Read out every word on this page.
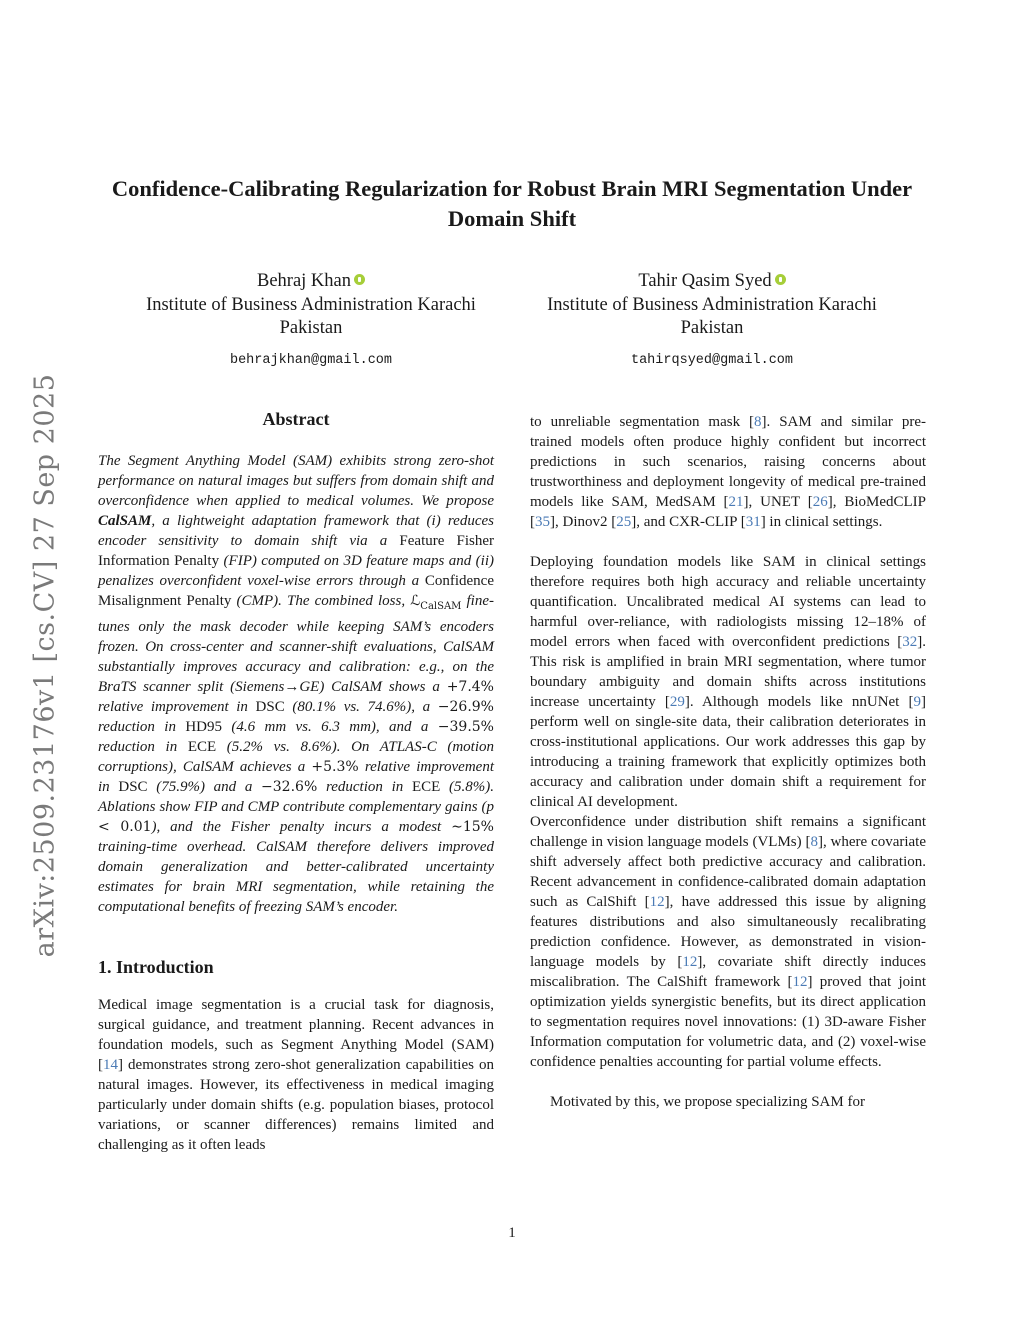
arXiv:2509.23176v1 [cs.CV] 27 Sep 2025
Confidence-Calibrating Regularization for Robust Brain MRI Segmentation Under Domain Shift
Behraj Khan
Institute of Business Administration Karachi
Pakistan
behrajkhan@gmail.com
Tahir Qasim Syed
Institute of Business Administration Karachi
Pakistan
tahirqsyed@gmail.com
Abstract

The Segment Anything Model (SAM) exhibits strong zero-shot performance on natural images but suffers from domain shift and overconfidence when applied to medical volumes. We propose CalSAM, a lightweight adaptation framework that (i) reduces encoder sensitivity to domain shift via a Feature Fisher Information Penalty (FIP) computed on 3D feature maps and (ii) penalizes overconfident voxel-wise errors through a Confidence Misalignment Penalty (CMP). The combined loss, ℒ$_{CalSAM}$ fine-tunes only the mask decoder while keeping SAM’s encoders frozen. On cross-center and scanner-shift evaluations, CalSAM substantially improves accuracy and calibration: e.g., on the BraTS scanner split (Siemens→GE) CalSAM shows a +7.4% relative improvement in DSC (80.1% vs. 74.6%), a −26.9% reduction in HD95 (4.6 mm vs. 6.3 mm), and a −39.5% reduction in ECE (5.2% vs. 8.6%). On ATLAS-C (motion corruptions), CalSAM achieves a +5.3% relative improvement in DSC (75.9%) and a −32.6% reduction in ECE (5.8%). Ablations show FIP and CMP contribute complementary gains (p < 0.01), and the Fisher penalty incurs a modest ∼15% training-time overhead. CalSAM therefore delivers improved domain generalization and better-calibrated uncertainty estimates for brain MRI segmentation, while retaining the computational benefits of freezing SAM’s encoder.

1. Introduction

Medical image segmentation is a crucial task for diagnosis, surgical guidance, and treatment planning. Recent advances in foundation models, such as Segment Anything Model (SAM) [14] demonstrates strong zero-shot generalization capabilities on natural images. However, its effectiveness in medical imaging particularly under domain shifts (e.g. population biases, protocol variations, or scanner differences) remains limited and challenging as it often leads

to unreliable segmentation mask [8]. SAM and similar pre-trained models often produce highly confident but incorrect predictions in such scenarios, raising concerns about trustworthiness and deployment longevity of medical pre-trained models like SAM, MedSAM [21], UNET [26], BioMedCLIP [35], Dinov2 [25], and CXR-CLIP [31] in clinical settings.

Deploying foundation models like SAM in clinical settings therefore requires both high accuracy and reliable uncertainty quantification. Uncalibrated medical AI systems can lead to harmful over-reliance, with radiologists missing 12–18% of model errors when faced with overconfident predictions [32]. This risk is amplified in brain MRI segmentation, where tumor boundary ambiguity and domain shifts across institutions increase uncertainty [29]. Although models like nnUNet [9] perform well on single-site data, their calibration deteriorates in cross-institutional applications. Our work addresses this gap by introducing a training framework that explicitly optimizes both accuracy and calibration under domain shift a requirement for clinical AI development.

Overconfidence under distribution shift remains a significant challenge in vision language models (VLMs) [8], where covariate shift adversely affect both predictive accuracy and calibration. Recent advancement in confidence-calibrated domain adaptation such as CalShift [12], have addressed this issue by aligning features distributions and also simultaneously recalibrating prediction confidence. However, as demonstrated in vision-language models by [12], covariate shift directly induces miscalibration. The CalShift framework [12] proved that joint optimization yields synergistic benefits, but its direct application to segmentation requires novel innovations: (1) 3D-aware Fisher Information computation for volumetric data, and (2) voxel-wise confidence penalties accounting for partial volume effects.

Motivated by this, we propose specializing SAM for

1
